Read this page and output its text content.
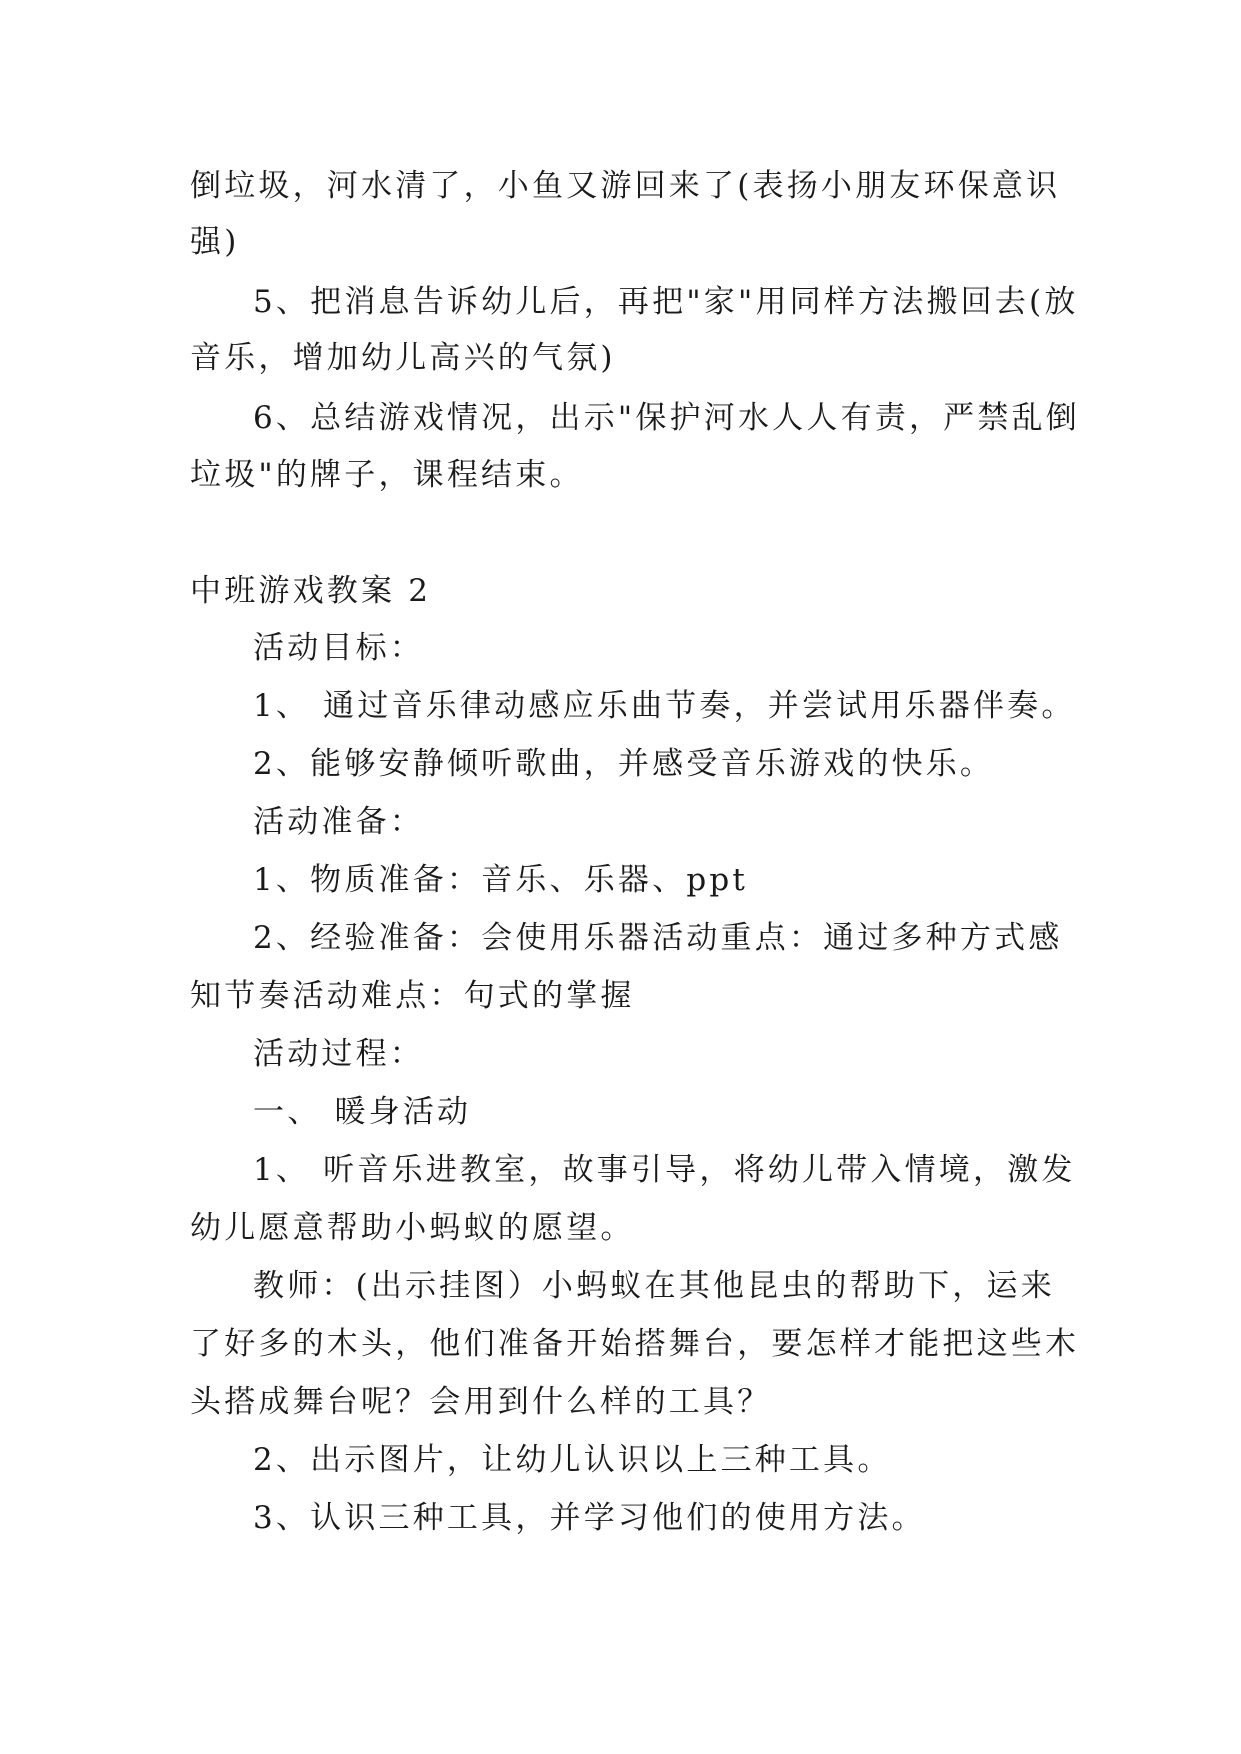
倒垃圾，河水清了，小鱼又游回来了(表扬小朋友环保意识
强)
5、把消息告诉幼儿后，再把"家"用同样方法搬回去(放
音乐，增加幼儿高兴的气氛)
6、总结游戏情况，出示"保护河水人人有责，严禁乱倒
垃圾"的牌子，课程结束。
中班游戏教案 2
活动目标：
1、 通过音乐律动感应乐曲节奏，并尝试用乐器伴奏。
2、能够安静倾听歌曲，并感受音乐游戏的快乐。
活动准备：
1、物质准备：音乐、乐器、ppt
2、经验准备：会使用乐器活动重点：通过多种方式感
知节奏活动难点：句式的掌握
活动过程：
一、 暖身活动
1、 听音乐进教室，故事引导，将幼儿带入情境，激发
幼儿愿意帮助小蚂蚁的愿望。
教师：(出示挂图）小蚂蚁在其他昆虫的帮助下，运来
了好多的木头，他们准备开始搭舞台，要怎样才能把这些木
头搭成舞台呢？会用到什么样的工具？
2、出示图片，让幼儿认识以上三种工具。
3、认识三种工具，并学习他们的使用方法。
